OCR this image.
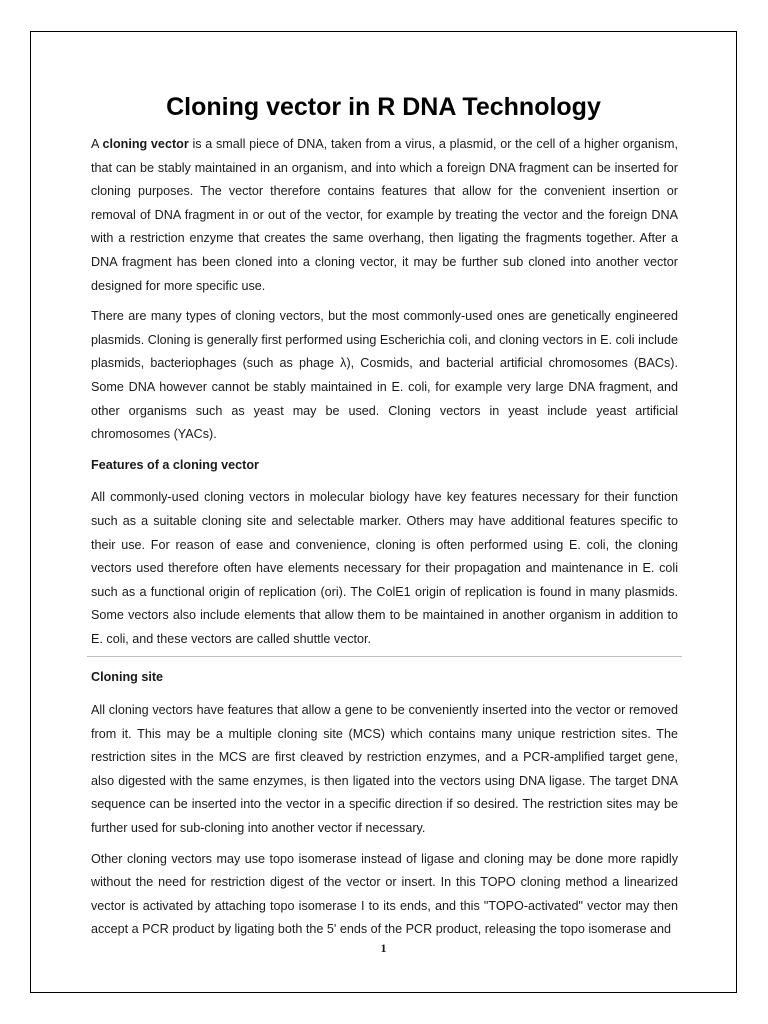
Cloning vector in R DNA Technology

A cloning vector is a small piece of DNA, taken from a virus, a plasmid, or the cell of a higher organism, that can be stably maintained in an organism, and into which a foreign DNA fragment can be inserted for cloning purposes. The vector therefore contains features that allow for the convenient insertion or removal of DNA fragment in or out of the vector, for example by treating the vector and the foreign DNA with a restriction enzyme that creates the same overhang, then ligating the fragments together. After a DNA fragment has been cloned into a cloning vector, it may be further sub cloned into another vector designed for more specific use.

There are many types of cloning vectors, but the most commonly-used ones are genetically engineered plasmids. Cloning is generally first performed using Escherichia coli, and cloning vectors in E. coli include plasmids, bacteriophages (such as phage λ), Cosmids, and bacterial artificial chromosomes (BACs). Some DNA however cannot be stably maintained in E. coli, for example very large DNA fragment, and other organisms such as yeast may be used. Cloning vectors in yeast include yeast artificial chromosomes (YACs).

Features of a cloning vector

All commonly-used cloning vectors in molecular biology have key features necessary for their function such as a suitable cloning site and selectable marker. Others may have additional features specific to their use. For reason of ease and convenience, cloning is often performed using E. coli, the cloning vectors used therefore often have elements necessary for their propagation and maintenance in E. coli such as a functional origin of replication (ori). The ColE1 origin of replication is found in many plasmids. Some vectors also include elements that allow them to be maintained in another organism in addition to E. coli, and these vectors are called shuttle vector.

Cloning site

All cloning vectors have features that allow a gene to be conveniently inserted into the vector or removed from it. This may be a multiple cloning site (MCS) which contains many unique restriction sites. The restriction sites in the MCS are first cleaved by restriction enzymes, and a PCR-amplified target gene, also digested with the same enzymes, is then ligated into the vectors using DNA ligase. The target DNA sequence can be inserted into the vector in a specific direction if so desired. The restriction sites may be further used for sub-cloning into another vector if necessary.

Other cloning vectors may use topo isomerase instead of ligase and cloning may be done more rapidly without the need for restriction digest of the vector or insert. In this TOPO cloning method a linearized vector is activated by attaching topo isomerase I to its ends, and this "TOPO-activated" vector may then accept a PCR product by ligating both the 5' ends of the PCR product, releasing the topo isomerase and

1
